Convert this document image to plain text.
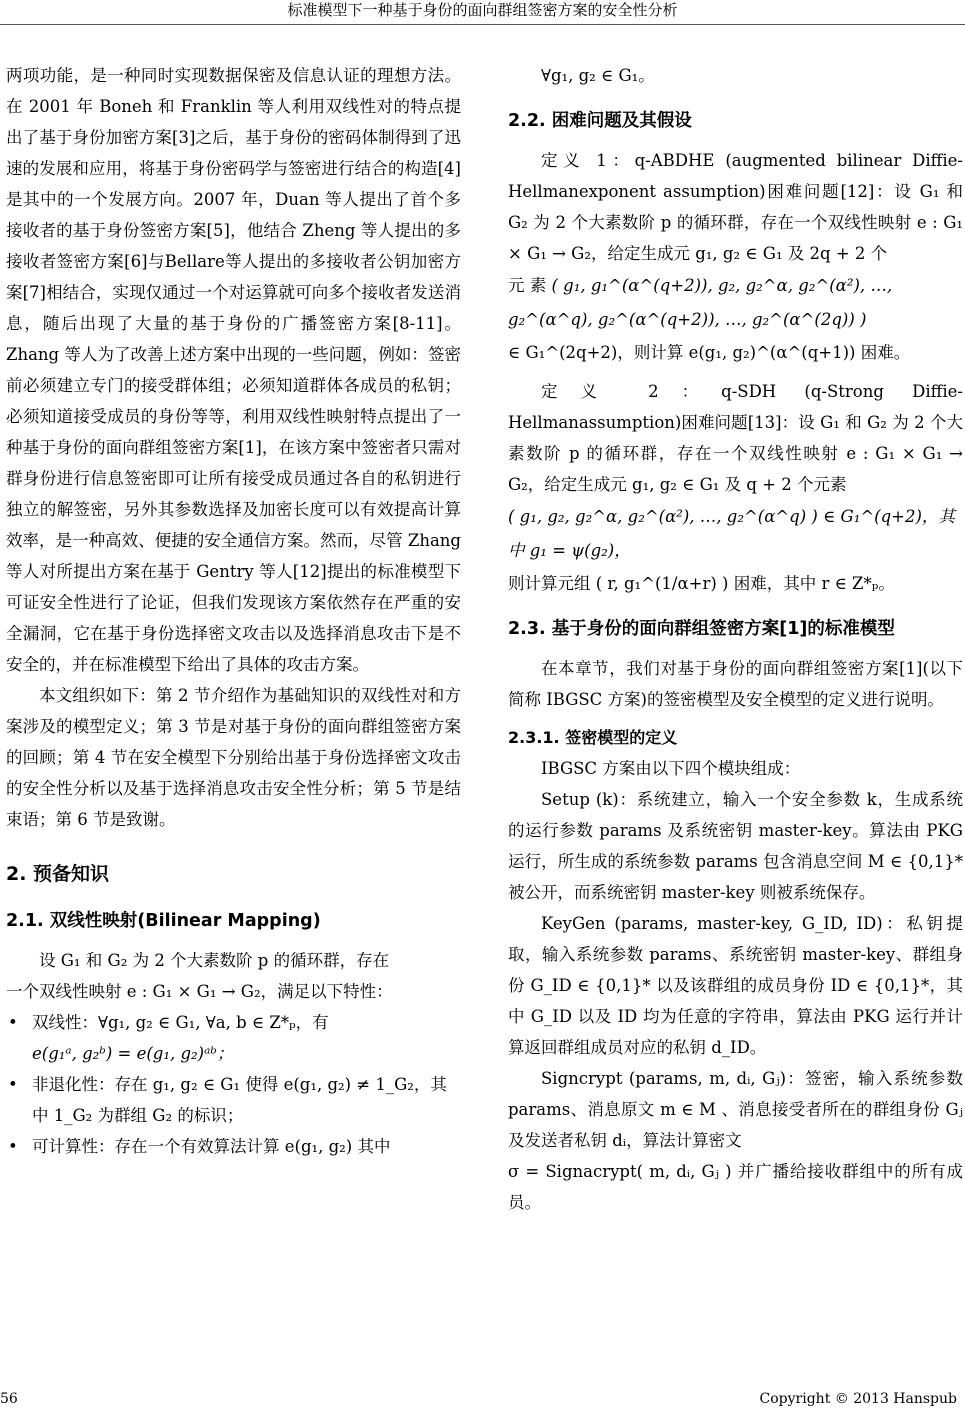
标准模型下一种基于身份的面向群组签密方案的安全性分析

两项功能，是一种同时实现数据保密及信息认证的理想方法。在 2001 年 Boneh 和 Franklin 等人利用双线性对的特点提出了基于身份加密方案[3]之后，基于身份的密码体制得到了迅速的发展和应用，将基于身份密码学与签密进行结合的构造[4]是其中的一个发展方向。2007 年，Duan 等人提出了首个多接收者的基于身份签密方案[5]，他结合 Zheng 等人提出的多接收者签密方案[6]与Bellare等人提出的多接收者公钥加密方案[7]相结合，实现仅通过一个对运算就可向多个接收者发送消息，随后出现了大量的基于身份的广播签密方案[8-11]。Zhang 等人为了改善上述方案中出现的一些问题，例如：签密前必须建立专门的接受群体组；必须知道群体各成员的私钥；必须知道接受成员的身份等等，利用双线性映射特点提出了一种基于身份的面向群组签密方案[1]，在该方案中签密者只需对群身份进行信息签密即可让所有接受成员通过各自的私钥进行独立的解签密，另外其参数选择及加密长度可以有效提高计算效率，是一种高效、便捷的安全通信方案。然而，尽管 Zhang 等人对所提出方案在基于 Gentry 等人[12]提出的标准模型下可证安全性进行了论证，但我们发现该方案依然存在严重的安全漏洞，它在基于身份选择密文攻击以及选择消息攻击下是不安全的，并在标准模型下给出了具体的攻击方案。

本文组织如下：第 2 节介绍作为基础知识的双线性对和方案涉及的模型定义；第 3 节是对基于身份的面向群组签密方案的回顾；第 4 节在安全模型下分别给出基于身份选择密文攻击的安全性分析以及基于选择消息攻击安全性分析；第 5 节是结束语；第 6 节是致谢。

2. 预备知识
2.1. 双线性映射(Bilinear Mapping)

设 G₁ 和 G₂ 为 2 个大素数阶 p 的循环群，存在

一个双线性映射 e : G₁ × G₁ → G₂，满足以下特性：

• 双线性：∀g₁, g₂ ∈ G₁, ∀a, b ∈ Z*ₚ，有
e(g₁ᵃ, g₂ᵇ) = e(g₁, g₂)ᵃᵇ；
• 非退化性：存在 g₁, g₂ ∈ G₁ 使得 e(g₁, g₂) ≠ 1_G₂，其
中 1_G₂ 为群组 G₂ 的标识；
• 可计算性：存在一个有效算法计算 e(g₁, g₂) 其中

∀g₁, g₂ ∈ G₁。

2.2. 困难问题及其假设

定义 1：q-ABDHE (augmented bilinear Diffie-Hellmanexponent assumption)困难问题[12]：设 G₁ 和 G₂ 为 2 个大素数阶 p 的循环群，存在一个双线性映射 e : G₁ × G₁ → G₂，给定生成元 g₁, g₂ ∈ G₁ 及 2q + 2 个

元 素 ( g₁, g₁^(α^(q+2)), g₂, g₂^α, g₂^(α²), …, g₂^(α^q), g₂^(α^(q+2)), …, g₂^(α^(2q)) )

∈ G₁^(2q+2)，则计算 e(g₁, g₂)^(α^(q+1)) 困难。

定义 2：q-SDH (q-Strong Diffie-Hellmanassumption)困难问题[13]：设 G₁ 和 G₂ 为 2 个大素数阶 p 的循环群，存在一个双线性映射 e : G₁ × G₁ → G₂，给定生成元 g₁, g₂ ∈ G₁ 及 q + 2 个元素

( g₁, g₂, g₂^α, g₂^(α²), …, g₂^(α^q) ) ∈ G₁^(q+2)，其中 g₁ = ψ(g₂)，

则计算元组 ( r, g₁^(1/α+r) ) 困难，其中 r ∈ Z*ₚ。

2.3. 基于身份的面向群组签密方案[1]的标准模型

在本章节，我们对基于身份的面向群组签密方案[1](以下简称 IBGSC 方案)的签密模型及安全模型的定义进行说明。

2.3.1. 签密模型的定义

IBGSC 方案由以下四个模块组成：

Setup (k)：系统建立，输入一个安全参数 k，生成系统的运行参数 params 及系统密钥 master-key。算法由 PKG 运行，所生成的系统参数 params 包含消息空间 M ∈ {0,1}* 被公开，而系统密钥 master-key 则被系统保存。

KeyGen (params, master-key, G_ID, ID)：私钥提取，输入系统参数 params、系统密钥 master-key、群组身份 G_ID ∈ {0,1}* 以及该群组的成员身份 ID ∈ {0,1}*，其中 G_ID 以及 ID 均为任意的字符串，算法由 PKG 运行并计算返回群组成员对应的私钥 d_ID。

Signcrypt (params, m, dᵢ, Gⱼ)：签密，输入系统参数 params、消息原文 m ∈ M 、消息接受者所在的群组身份 Gⱼ 及发送者私钥 dᵢ，算法计算密文

σ = Signacrypt( m, dᵢ, Gⱼ ) 并广播给接收群组中的所有成员。

56	Copyright © 2013 Hanspub
